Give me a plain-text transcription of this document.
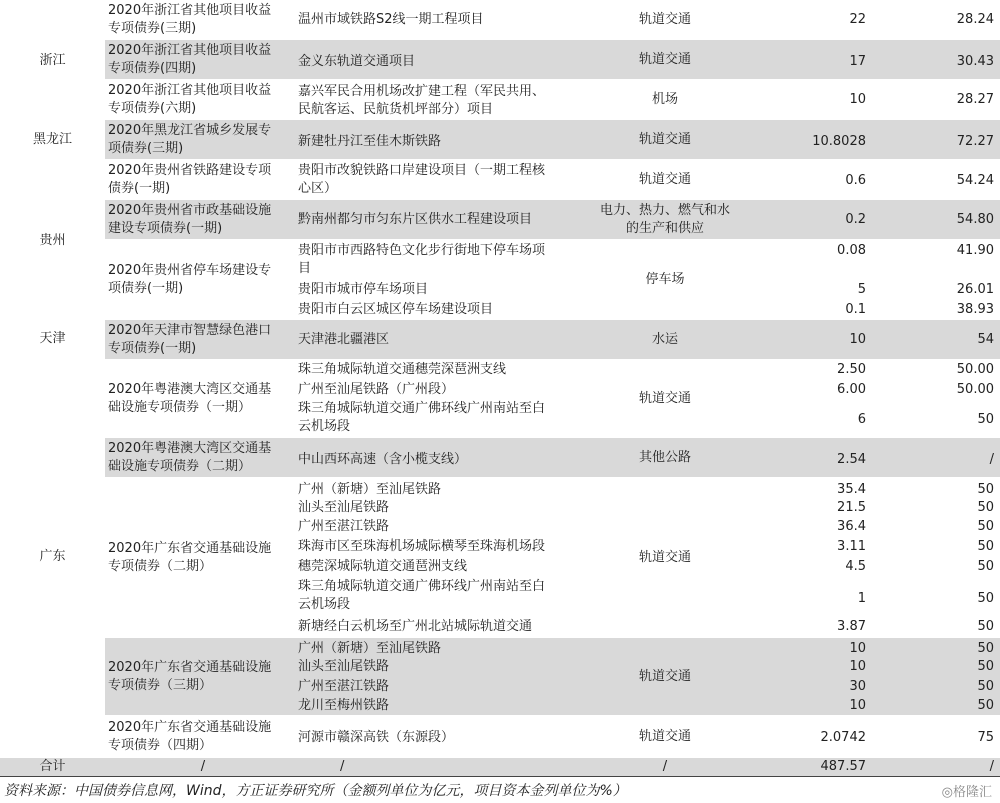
浙江
黑龙江
贵州
天津
广东
合计
2020年浙江省其他项目收益
专项债券(三期)
2020年浙江省其他项目收益
专项债券(四期)
2020年浙江省其他项目收益
专项债券(六期)
2020年黑龙江省城乡发展专
项债券(三期)
2020年贵州省铁路建设专项
债券(一期)
2020年贵州省市政基础设施
建设专项债券(一期)
2020年贵州省停车场建设专
项债券(一期)
2020年天津市智慧绿色港口
专项债券(一期)
2020年粤港澳大湾区交通基
础设施专项债券（一期）
2020年粤港澳大湾区交通基
础设施专项债券（二期）
2020年广东省交通基础设施
专项债券（二期）
2020年广东省交通基础设施
专项债券（三期）
2020年广东省交通基础设施
专项债券（四期）
/
温州市域铁路S2线一期工程项目
金义东轨道交通项目
嘉兴军民合用机场改扩建工程（军民共用、
民航客运、民航货机坪部分）项目
新建牡丹江至佳木斯铁路
贵阳市改貌铁路口岸建设项目（一期工程核
心区）
黔南州都匀市匀东片区供水工程建设项目
贵阳市市西路特色文化步行街地下停车场项
目
贵阳市城市停车场项目
贵阳市白云区城区停车场建设项目
天津港北疆港区
珠三角城际轨道交通穗莞深琶洲支线
广州至汕尾铁路（广州段）
珠三角城际轨道交通广佛环线广州南站至白
云机场段
中山西环高速（含小榄支线）
广州（新塘）至汕尾铁路
汕头至汕尾铁路
广州至湛江铁路
珠海市区至珠海机场城际横琴至珠海机场段
穗莞深城际轨道交通琶洲支线
珠三角城际轨道交通广佛环线广州南站至白
云机场段
新塘经白云机场至广州北站城际轨道交通
广州（新塘）至汕尾铁路
汕头至汕尾铁路
广州至湛江铁路
龙川至梅州铁路
河源市赣深高铁（东源段）
/
轨道交通
轨道交通
机场
轨道交通
轨道交通
电力、热力、燃气和水
的生产和供应
停车场
水运
轨道交通
其他公路
轨道交通
轨道交通
轨道交通
/
22
17
10
10.8028
0.6
0.2
0.08
5
0.1
10
2.50
6.00
6
2.54
35.4
21.5
36.4
3.11
4.5
1
3.87
10
10
30
10
2.0742
487.57
28.24
30.43
28.27
72.27
54.24
54.80
41.90
26.01
38.93
54
50.00
50.00
50
/
50
50
50
50
50
50
50
50
50
50
50
75
/
资料来源：中国债券信息网，Wind，方正证券研究所（金额列单位为亿元，项目资本金列单位为%）	◎格隆汇
